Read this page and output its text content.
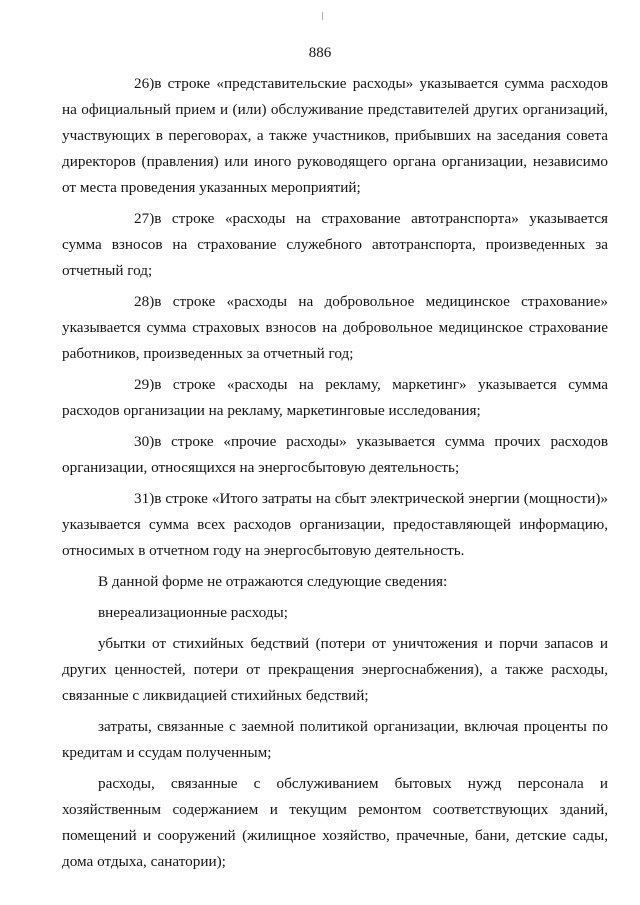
886

26)в строке «представительские расходы» указывается сумма расходов на официальный прием и (или) обслуживание представителей других организаций, участвующих в переговорах, а также участников, прибывших на заседания совета директоров (правления) или иного руководящего органа организации, независимо от места проведения указанных мероприятий;

27)в строке «расходы на страхование автотранспорта» указывается сумма взносов на страхование служебного автотранспорта, произведенных за отчетный год;

28)в строке «расходы на добровольное медицинское страхование» указывается сумма страховых взносов на добровольное медицинское страхование работников, произведенных за отчетный год;

29)в строке «расходы на рекламу, маркетинг» указывается сумма расходов организации на рекламу, маркетинговые исследования;

30)в строке «прочие расходы» указывается сумма прочих расходов организации, относящихся на энергосбытовую деятельность;

31)в строке «Итого затраты на сбыт электрической энергии (мощности)» указывается сумма всех расходов организации, предоставляющей информацию, относимых в отчетном году на энергосбытовую деятельность.

В данной форме не отражаются следующие сведения:

внереализационные расходы;

убытки от стихийных бедствий (потери от уничтожения и порчи запасов и других ценностей, потери от прекращения энергоснабжения), а также расходы, связанные с ликвидацией стихийных бедствий;

затраты, связанные с заемной политикой организации, включая проценты по кредитам и ссудам полученным;

расходы, связанные с обслуживанием бытовых нужд персонала и хозяйственным содержанием и текущим ремонтом соответствующих зданий, помещений и сооружений (жилищное хозяйство, прачечные, бани, детские сады, дома отдыха, санатории);
